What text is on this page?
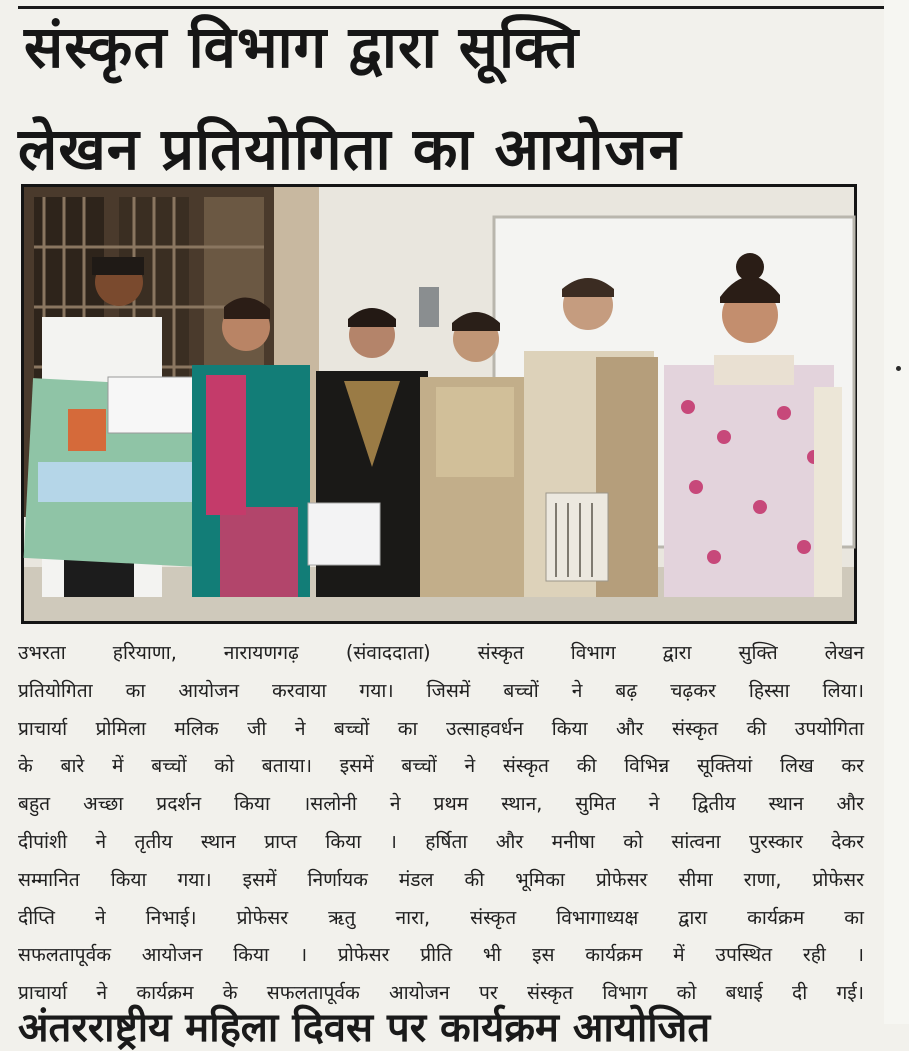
संस्कृत विभाग द्वारा सूक्ति
लेखन प्रतियोगिता का आयोजन
उभरता हरियाणा, नारायणगढ़ (संवाददाता) संस्कृत विभाग द्वारा सुक्ति लेखन
प्रतियोगिता का आयोजन करवाया गया। जिसमें बच्चों ने बढ़ चढ़कर हिस्सा लिया।
प्राचार्या प्रोमिला मलिक जी ने बच्चों का उत्साहवर्धन किया और संस्कृत की उपयोगिता
के बारे में बच्चों को बताया। इसमें बच्चों ने संस्कृत की विभिन्न सूक्तियां लिख कर
बहुत अच्छा प्रदर्शन किया ।सलोनी ने प्रथम स्थान, सुमित ने द्वितीय स्थान और
दीपांशी ने तृतीय स्थान प्राप्त किया । हर्षिता और मनीषा को सांत्वना पुरस्कार देकर
सम्मानित किया गया। इसमें निर्णायक मंडल की भूमिका प्रोफेसर सीमा राणा, प्रोफेसर
दीप्ति ने निभाई। प्रोफेसर ऋतु नारा, संस्कृत विभागाध्यक्ष द्वारा कार्यक्रम का
सफलतापूर्वक आयोजन किया । प्रोफेसर प्रीति भी इस कार्यक्रम में उपस्थित रही ।
प्राचार्या ने कार्यक्रम के सफलतापूर्वक आयोजन पर संस्कृत विभाग को बधाई दी गई।
अंतरराष्ट्रीय महिला दिवस पर कार्यक्रम आयोजित
